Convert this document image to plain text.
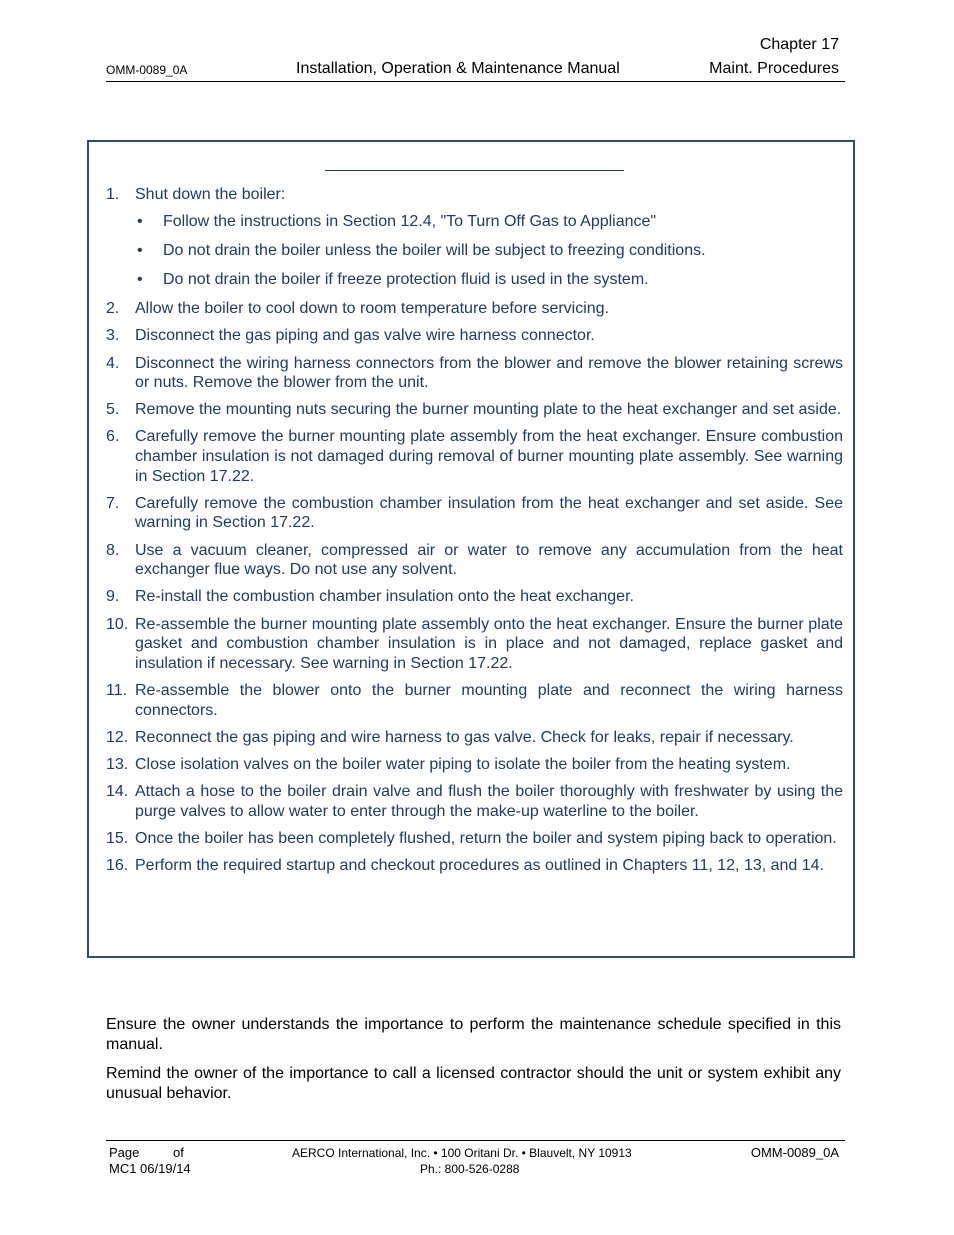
Chapter 17
OMM-0089_0A	Installation, Operation & Maintenance Manual	Maint. Procedures
1. Shut down the boiler:
• Follow the instructions in Section 12.4, "To Turn Off Gas to Appliance"
• Do not drain the boiler unless the boiler will be subject to freezing conditions.
• Do not drain the boiler if freeze protection fluid is used in the system.
2. Allow the boiler to cool down to room temperature before servicing.
3. Disconnect the gas piping and gas valve wire harness connector.
4. Disconnect the wiring harness connectors from the blower and remove the blower retaining screws or nuts. Remove the blower from the unit.
5. Remove the mounting nuts securing the burner mounting plate to the heat exchanger and set aside.
6. Carefully remove the burner mounting plate assembly from the heat exchanger. Ensure combustion chamber insulation is not damaged during removal of burner mounting plate assembly. See warning in Section 17.22.
7. Carefully remove the combustion chamber insulation from the heat exchanger and set aside. See warning in Section 17.22.
8. Use a vacuum cleaner, compressed air or water to remove any accumulation from the heat exchanger flue ways. Do not use any solvent.
9. Re-install the combustion chamber insulation onto the heat exchanger.
10. Re-assemble the burner mounting plate assembly onto the heat exchanger. Ensure the burner plate gasket and combustion chamber insulation is in place and not damaged, replace gasket and insulation if necessary. See warning in Section 17.22.
11. Re-assemble the blower onto the burner mounting plate and reconnect the wiring harness connectors.
12. Reconnect the gas piping and wire harness to gas valve. Check for leaks, repair if necessary.
13. Close isolation valves on the boiler water piping to isolate the boiler from the heating system.
14. Attach a hose to the boiler drain valve and flush the boiler thoroughly with freshwater by using the purge valves to allow water to enter through the make-up waterline to the boiler.
15. Once the boiler has been completely flushed, return the boiler and system piping back to operation.
16. Perform the required startup and checkout procedures as outlined in Chapters 11, 12, 13, and 14.
Ensure the owner understands the importance to perform the maintenance schedule specified in this manual.
Remind the owner of the importance to call a licensed contractor should the unit or system exhibit any unusual behavior.
Page	of
MC1 06/19/14
AERCO International, Inc. • 100 Oritani Dr. • Blauvelt, NY 10913
Ph.: 800-526-0288
OMM-0089_0A
